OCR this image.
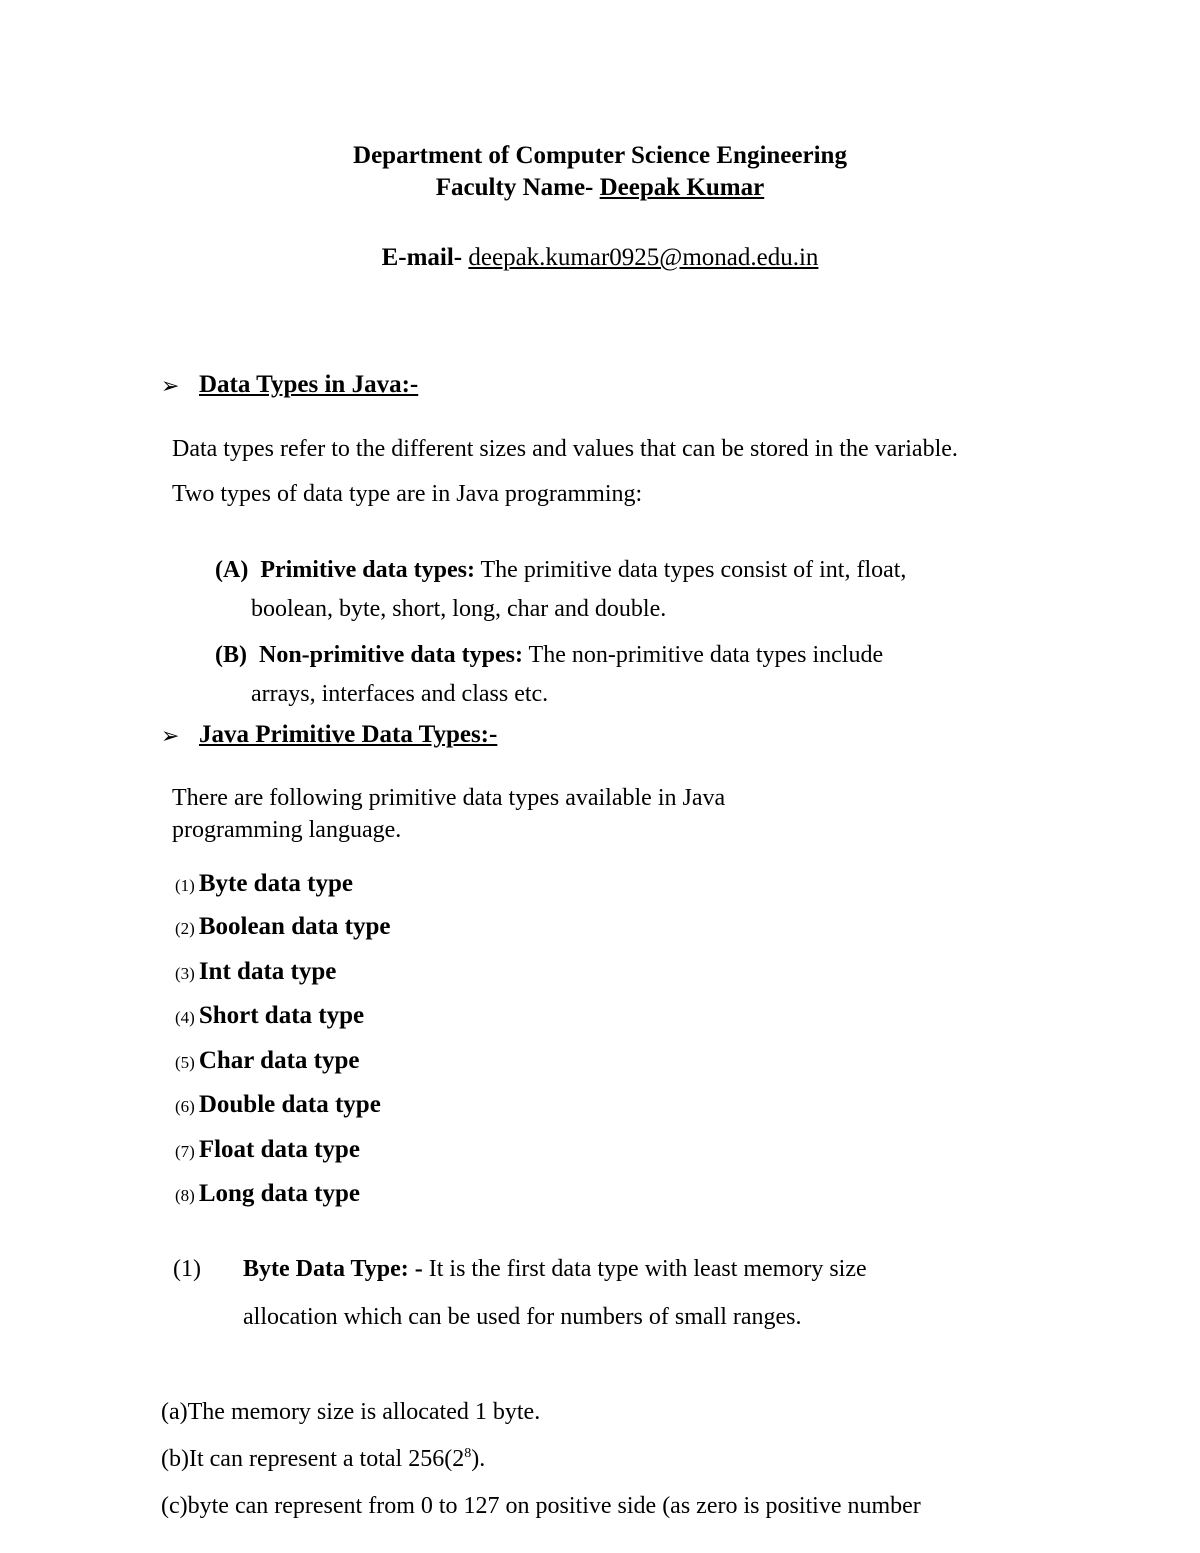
Department of Computer Science Engineering
Faculty Name- Deepak Kumar
E-mail- deepak.kumar0925@monad.edu.in
➢ Data Types in Java:-
Data types refer to the different sizes and values that can be stored in the variable.
Two types of data type are in Java programming:
(A) Primitive data types: The primitive data types consist of int, float,
boolean, byte, short, long, char and double.
(B) Non-primitive data types: The non-primitive data types include
arrays, interfaces and class etc.
➢ Java Primitive Data Types:-
There are following primitive data types available in Java
programming language.
(1) Byte data type
(2) Boolean data type
(3) Int data type
(4) Short data type
(5) Char data type
(6) Double data type
(7) Float data type
(8) Long data type
(1) Byte Data Type: - It is the first data type with least memory size
allocation which can be used for numbers of small ranges.
(a)The memory size is allocated 1 byte.
(b)It can represent a total $256(2^8)$.
(c)byte can represent from 0 to 127 on positive side (as zero is positive number
